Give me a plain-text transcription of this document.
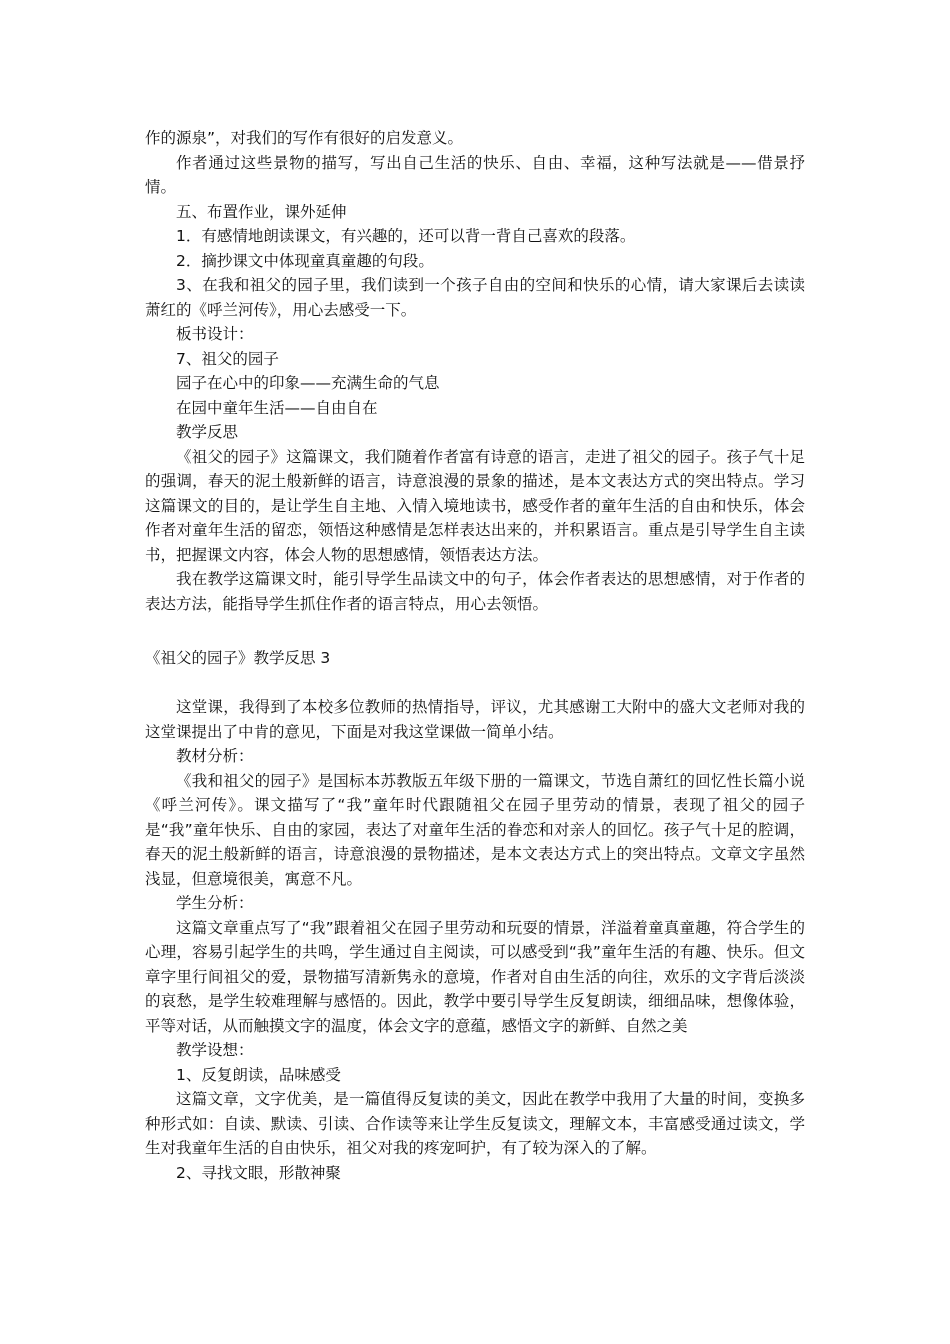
作的源泉”，对我们的写作有很好的启发意义。

作者通过这些景物的描写，写出自己生活的快乐、自由、幸福，这种写法就是——借景抒情。

五、布置作业，课外延伸

1．有感情地朗读课文，有兴趣的，还可以背一背自己喜欢的段落。

2．摘抄课文中体现童真童趣的句段。

3、在我和祖父的园子里，我们读到一个孩子自由的空间和快乐的心情，请大家课后去读读萧红的《呼兰河传》，用心去感受一下。

板书设计：

7、祖父的园子

园子在心中的印象——充满生命的气息

在园中童年生活——自由自在

教学反思

《祖父的园子》这篇课文，我们随着作者富有诗意的语言，走进了祖父的园子。孩子气十足的强调，春天的泥土般新鲜的语言，诗意浪漫的景象的描述，是本文表达方式的突出特点。学习这篇课文的目的，是让学生自主地、入情入境地读书，感受作者的童年生活的自由和快乐，体会作者对童年生活的留恋，领悟这种感情是怎样表达出来的，并积累语言。重点是引导学生自主读书，把握课文内容，体会人物的思想感情，领悟表达方法。

我在教学这篇课文时，能引导学生品读文中的句子，体会作者表达的思想感情，对于作者的表达方法，能指导学生抓住作者的语言特点，用心去领悟。

《祖父的园子》教学反思 3

这堂课，我得到了本校多位教师的热情指导，评议，尤其感谢工大附中的盛大文老师对我的这堂课提出了中肯的意见，下面是对我这堂课做一简单小结。

教材分析：

《我和祖父的园子》是国标本苏教版五年级下册的一篇课文，节选自萧红的回忆性长篇小说《呼兰河传》。课文描写了“我”童年时代跟随祖父在园子里劳动的情景，表现了祖父的园子是“我”童年快乐、自由的家园，表达了对童年生活的眷恋和对亲人的回忆。孩子气十足的腔调，春天的泥土般新鲜的语言，诗意浪漫的景物描述，是本文表达方式上的突出特点。文章文字虽然浅显，但意境很美，寓意不凡。

学生分析：

这篇文章重点写了“我”跟着祖父在园子里劳动和玩耍的情景，洋溢着童真童趣，符合学生的心理，容易引起学生的共鸣，学生通过自主阅读，可以感受到“我”童年生活的有趣、快乐。但文章字里行间祖父的爱，景物描写清新隽永的意境，作者对自由生活的向往，欢乐的文字背后淡淡的哀愁，是学生较难理解与感悟的。因此，教学中要引导学生反复朗读，细细品味，想像体验，平等对话，从而触摸文字的温度，体会文字的意蕴，感悟文字的新鲜、自然之美

教学设想：

1、反复朗读，品味感受

这篇文章，文字优美，是一篇值得反复读的美文，因此在教学中我用了大量的时间，变换多种形式如：自读、默读、引读、合作读等来让学生反复读文，理解文本，丰富感受通过读文，学生对我童年生活的自由快乐，祖父对我的疼宠呵护，有了较为深入的了解。

2、寻找文眼，形散神聚
